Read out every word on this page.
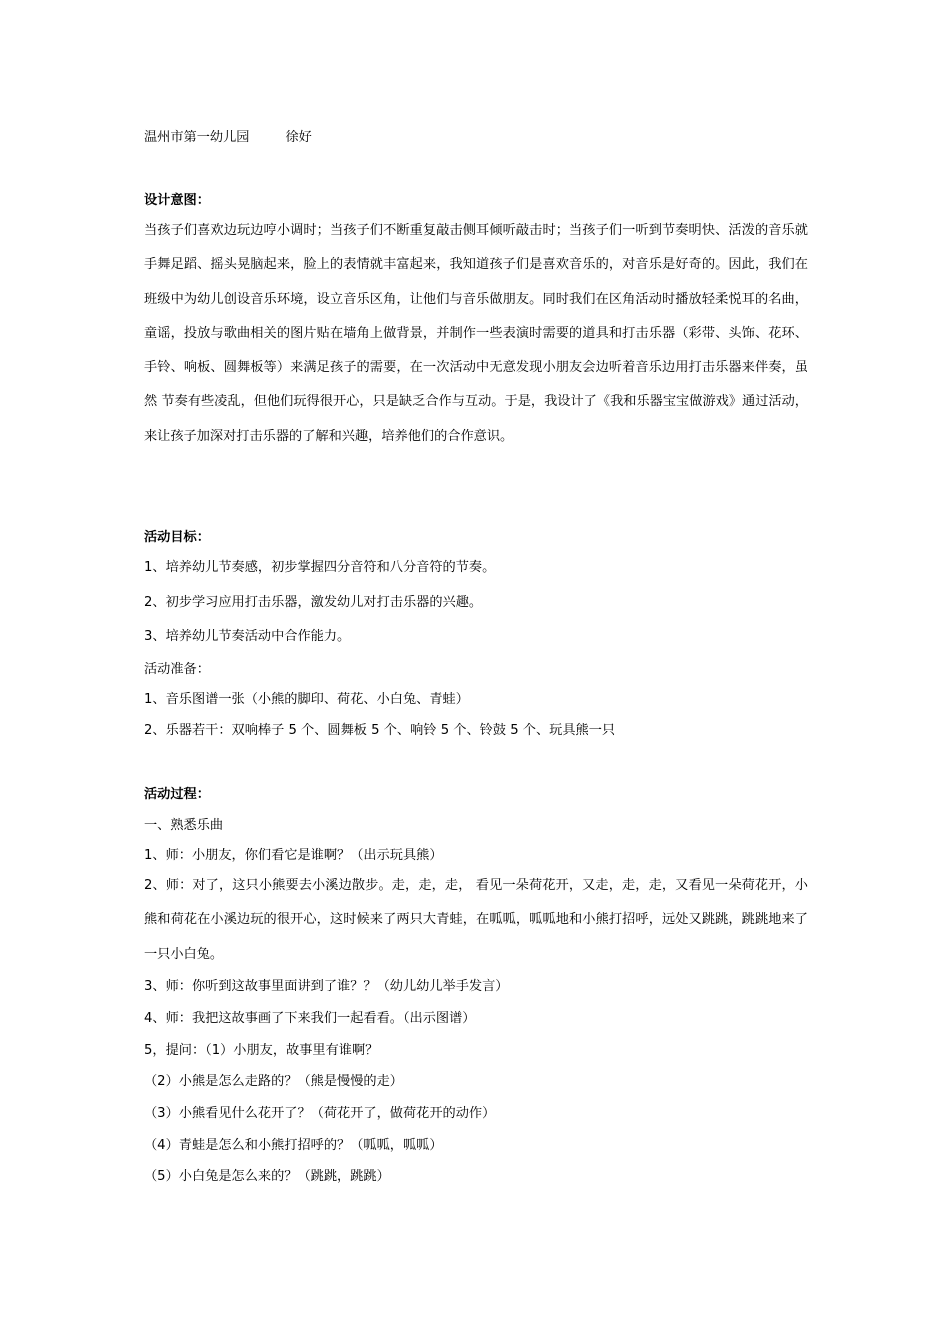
温州市第一幼儿园	徐好
设计意图：

当孩子们喜欢边玩边哼小调时；当孩子们不断重复敲击侧耳倾听敲击时；当孩子们一听到节奏明快、活泼的音乐就手舞足蹈、摇头晃脑起来，脸上的表情就丰富起来，我知道孩子们是喜欢音乐的，对音乐是好奇的。因此，我们在班级中为幼儿创设音乐环境，设立音乐区角，让他们与音乐做朋友。同时我们在区角活动时播放轻柔悦耳的名曲，童谣，投放与歌曲相关的图片贴在墙角上做背景，并制作一些表演时需要的道具和打击乐器（彩带、头饰、花环、手铃、响板、圆舞板等）来满足孩子的需要，在一次活动中无意发现小朋友会边听着音乐边用打击乐器来伴奏，虽然 节奏有些凌乱，但他们玩得很开心，只是缺乏合作与互动。于是，我设计了《我和乐器宝宝做游戏》通过活动，来让孩子加深对打击乐器的了解和兴趣，培养他们的合作意识。

活动目标：
1、培养幼儿节奏感，初步掌握四分音符和八分音符的节奏。
2、初步学习应用打击乐器，激发幼儿对打击乐器的兴趣。
3、培养幼儿节奏活动中合作能力。
活动准备：
1、音乐图谱一张（小熊的脚印、荷花、小白兔、青蛙）
2、乐器若干：双响棒子 5 个、圆舞板 5 个、响铃 5 个、铃鼓 5 个、玩具熊一只
活动过程：
一、熟悉乐曲
1、师：小朋友，你们看它是谁啊？（出示玩具熊）

2、师：对了，这只小熊要去小溪边散步。走，走，走， 看见一朵荷花开，又走，走，走，又看见一朵荷花开，小熊和荷花在小溪边玩的很开心，这时候来了两只大青蛙，在呱呱，呱呱地和小熊打招呼，远处又跳跳，跳跳地来了一只小白兔。

3、师：你听到这故事里面讲到了谁？？（幼儿幼儿举手发言）
4、师：我把这故事画了下来我们一起看看。（出示图谱）
5，提问：（1）小朋友，故事里有谁啊？
（2）小熊是怎么走路的？（熊是慢慢的走）
（3）小熊看见什么花开了？（荷花开了，做荷花开的动作）
（4）青蛙是怎么和小熊打招呼的？（呱呱，呱呱）
（5）小白兔是怎么来的？（跳跳，跳跳）
